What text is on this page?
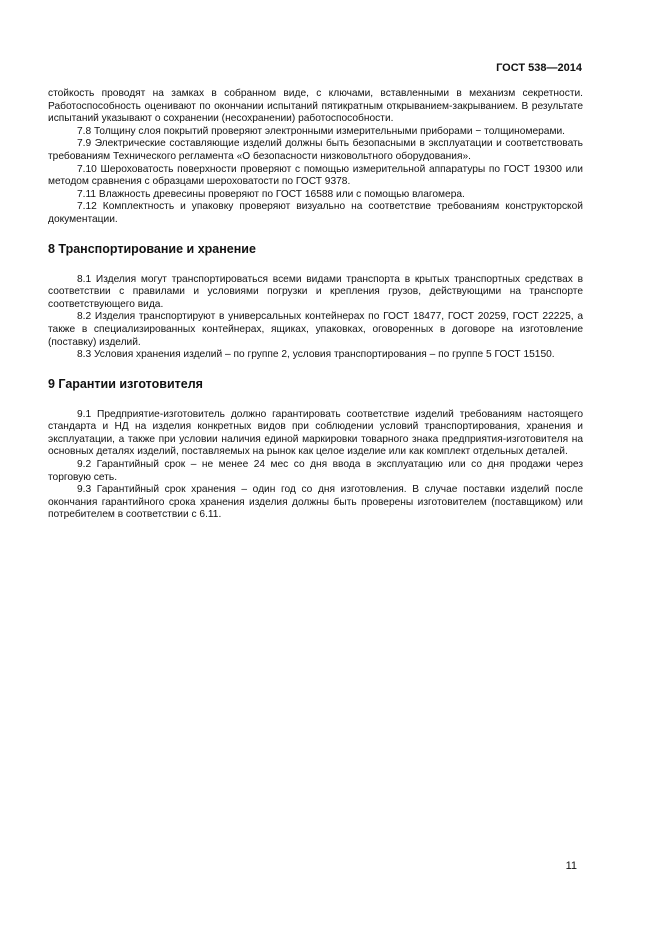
ГОСТ 538—2014

стойкость проводят на замках в собранном виде, с ключами, вставленными в механизм секретности. Работоспособность оценивают по окончании испытаний пятикратным открыванием-закрыванием. В результате испытаний указывают о сохранении (несохранении) работоспособности.

7.8 Толщину слоя покрытий проверяют электронными измерительными приборами − толщиномерами.

7.9 Электрические составляющие изделий должны быть безопасными в эксплуатации и соответствовать требованиям Технического регламента «О безопасности низковольтного оборудования».

7.10 Шероховатость поверхности проверяют с помощью измерительной аппаратуры по ГОСТ 19300 или методом сравнения с образцами шероховатости по ГОСТ 9378.

7.11 Влажность древесины проверяют по ГОСТ 16588 или с помощью влагомера.

7.12 Комплектность и упаковку проверяют визуально на соответствие требованиям конструкторской документации.

8 Транспортирование и хранение

8.1 Изделия могут транспортироваться всеми видами транспорта в крытых транспортных средствах в соответствии с правилами и условиями погрузки и крепления грузов, действующими на транспорте соответствующего вида.

8.2 Изделия транспортируют в универсальных контейнерах по ГОСТ 18477, ГОСТ 20259, ГОСТ 22225, а также в специализированных контейнерах, ящиках, упаковках, оговоренных в договоре на изготовление (поставку) изделий.

8.3 Условия хранения изделий – по группе 2, условия транспортирования – по группе 5 ГОСТ 15150.

9 Гарантии изготовителя

9.1 Предприятие-изготовитель должно гарантировать соответствие изделий требованиям настоящего стандарта и НД на изделия конкретных видов при соблюдении условий транспортирования, хранения и эксплуатации, а также при условии наличия единой маркировки товарного знака предприятия-изготовителя на основных деталях изделий, поставляемых на рынок как целое изделие или как комплект отдельных деталей.

9.2 Гарантийный срок – не менее 24 мес со дня ввода в эксплуатацию или со дня продажи через торговую сеть.

9.3 Гарантийный срок хранения – один год со дня изготовления. В случае поставки изделий после окончания гарантийного срока хранения изделия должны быть проверены изготовителем (поставщиком) или потребителем в соответствии с 6.11.

11
